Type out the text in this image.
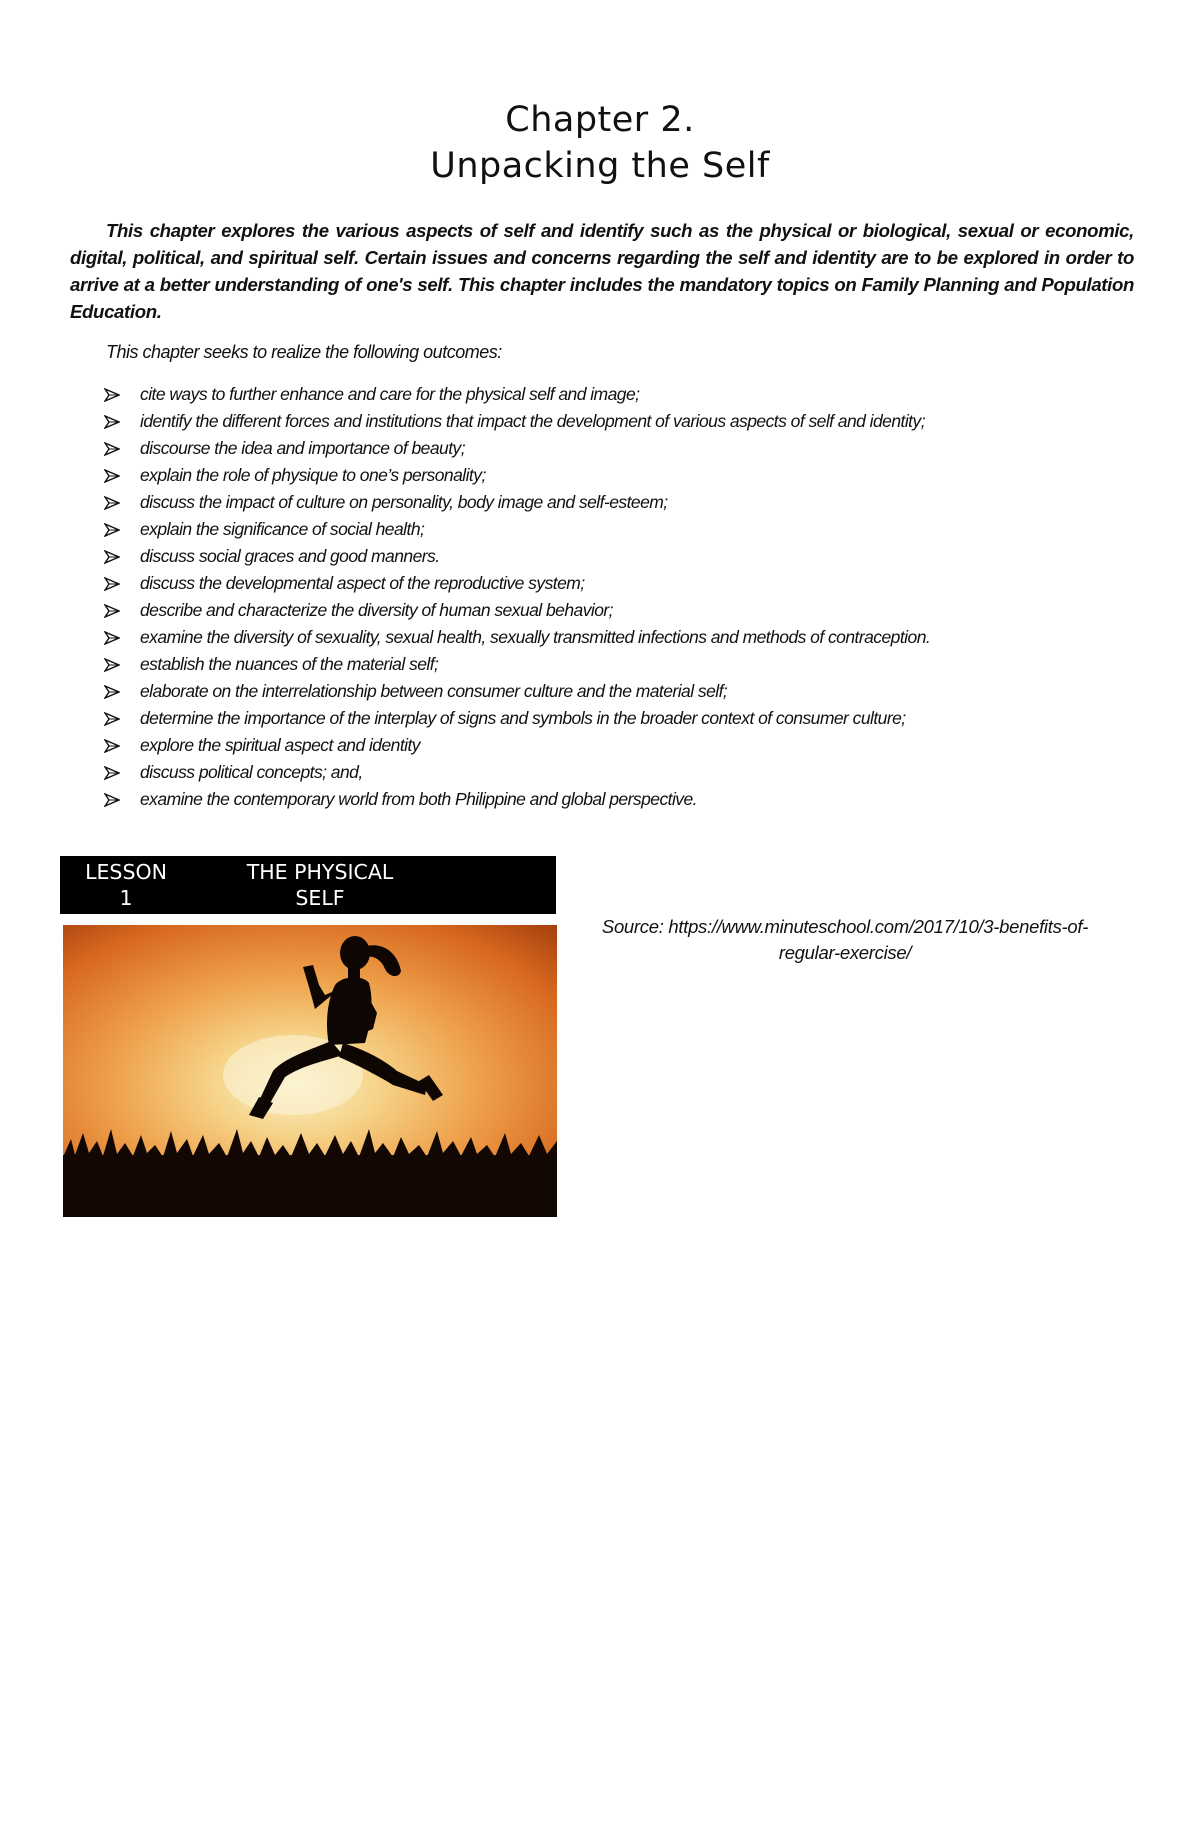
Chapter 2.
Unpacking the Self

This chapter explores the various aspects of self and identify such as the physical or biological, sexual or economic, digital, political, and spiritual self. Certain issues and concerns regarding the self and identity are to be explored in order to arrive at a better understanding of one's self. This chapter includes the mandatory topics on Family Planning and Population Education.

This chapter seeks to realize the following outcomes:

cite ways to further enhance and care for the physical self and image;
identify the different forces and institutions that impact the development of various aspects of self and identity;
discourse the idea and importance of beauty;
explain the role of physique to one’s personality;
discuss the impact of culture on personality, body image and self-esteem;
explain the significance of social health;
discuss social graces and good manners.
discuss the developmental aspect of the reproductive system;
describe and characterize the diversity of human sexual behavior;
examine the diversity of sexuality, sexual health, sexually transmitted infections and methods of contraception.
establish the nuances of the material self;
elaborate on the interrelationship between consumer culture and the material self;
determine the importance of the interplay of signs and symbols in the broader context of consumer culture;
explore the spiritual aspect and identity
discuss political concepts; and,
examine the contemporary world from both Philippine and global perspective.
LESSON
1
THE PHYSICAL
SELF

Source: https://www.minuteschool.com/2017/10/3-benefits-of-
regular-exercise/
